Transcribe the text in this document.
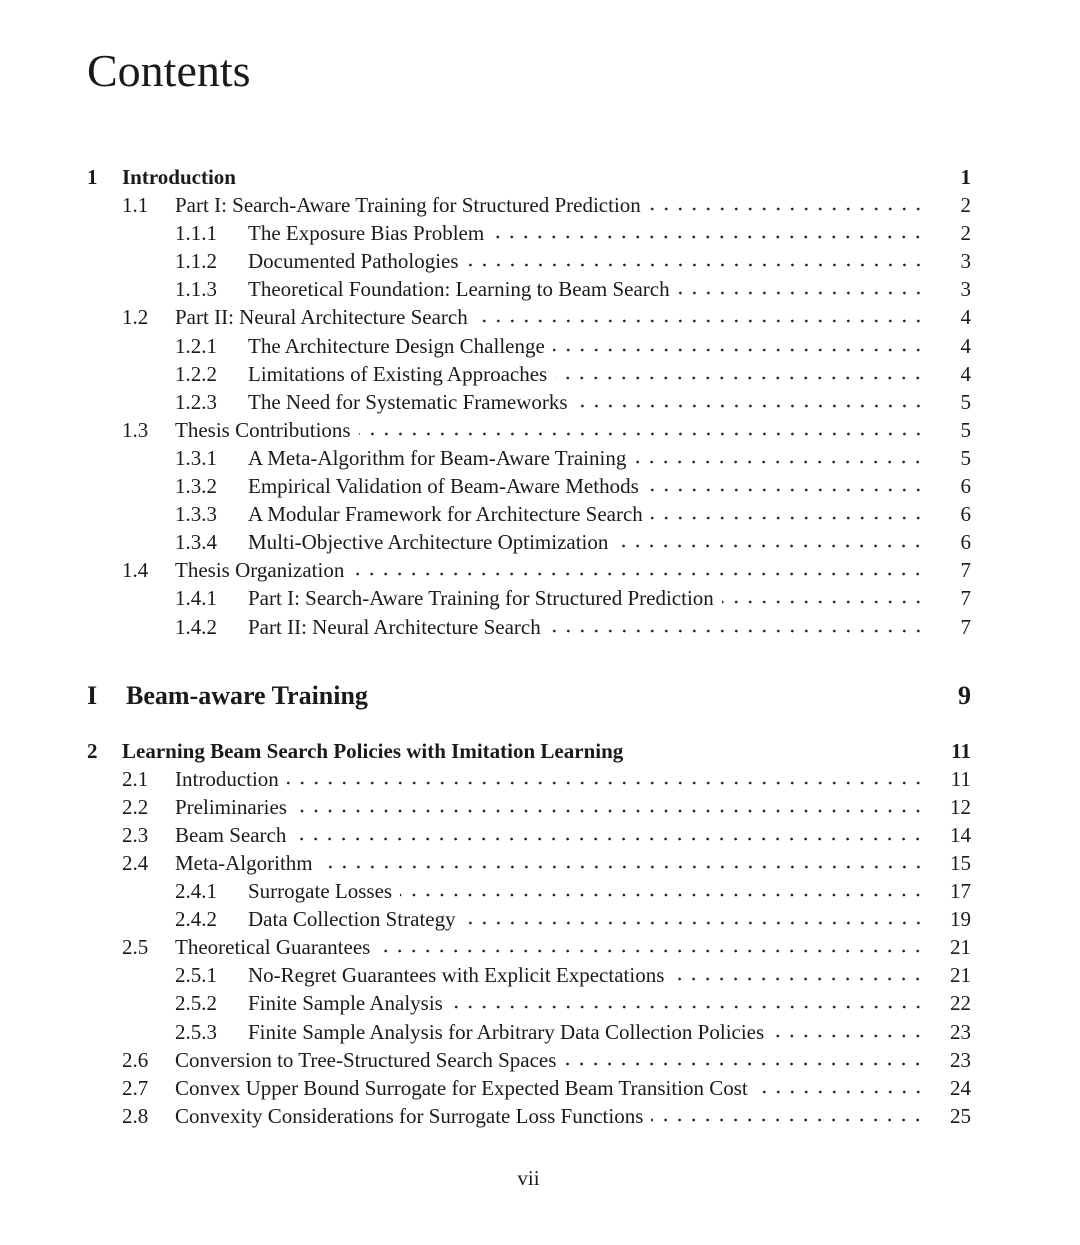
Contents
1	Introduction	1
1.1	Part I: Search-Aware Training for Structured Prediction	2
1.1.1	The Exposure Bias Problem	2
1.1.2	Documented Pathologies	3
1.1.3	Theoretical Foundation: Learning to Beam Search	3
1.2	Part II: Neural Architecture Search	4
1.2.1	The Architecture Design Challenge	4
1.2.2	Limitations of Existing Approaches	4
1.2.3	The Need for Systematic Frameworks	5
1.3	Thesis Contributions	5
1.3.1	A Meta-Algorithm for Beam-Aware Training	5
1.3.2	Empirical Validation of Beam-Aware Methods	6
1.3.3	A Modular Framework for Architecture Search	6
1.3.4	Multi-Objective Architecture Optimization	6
1.4	Thesis Organization	7
1.4.1	Part I: Search-Aware Training for Structured Prediction	7
1.4.2	Part II: Neural Architecture Search	7
I	Beam-aware Training	9
2	Learning Beam Search Policies with Imitation Learning	11
2.1	Introduction	11
2.2	Preliminaries	12
2.3	Beam Search	14
2.4	Meta-Algorithm	15
2.4.1	Surrogate Losses	17
2.4.2	Data Collection Strategy	19
2.5	Theoretical Guarantees	21
2.5.1	No-Regret Guarantees with Explicit Expectations	21
2.5.2	Finite Sample Analysis	22
2.5.3	Finite Sample Analysis for Arbitrary Data Collection Policies	23
2.6	Conversion to Tree-Structured Search Spaces	23
2.7	Convex Upper Bound Surrogate for Expected Beam Transition Cost	24
2.8	Convexity Considerations for Surrogate Loss Functions	25
vii
